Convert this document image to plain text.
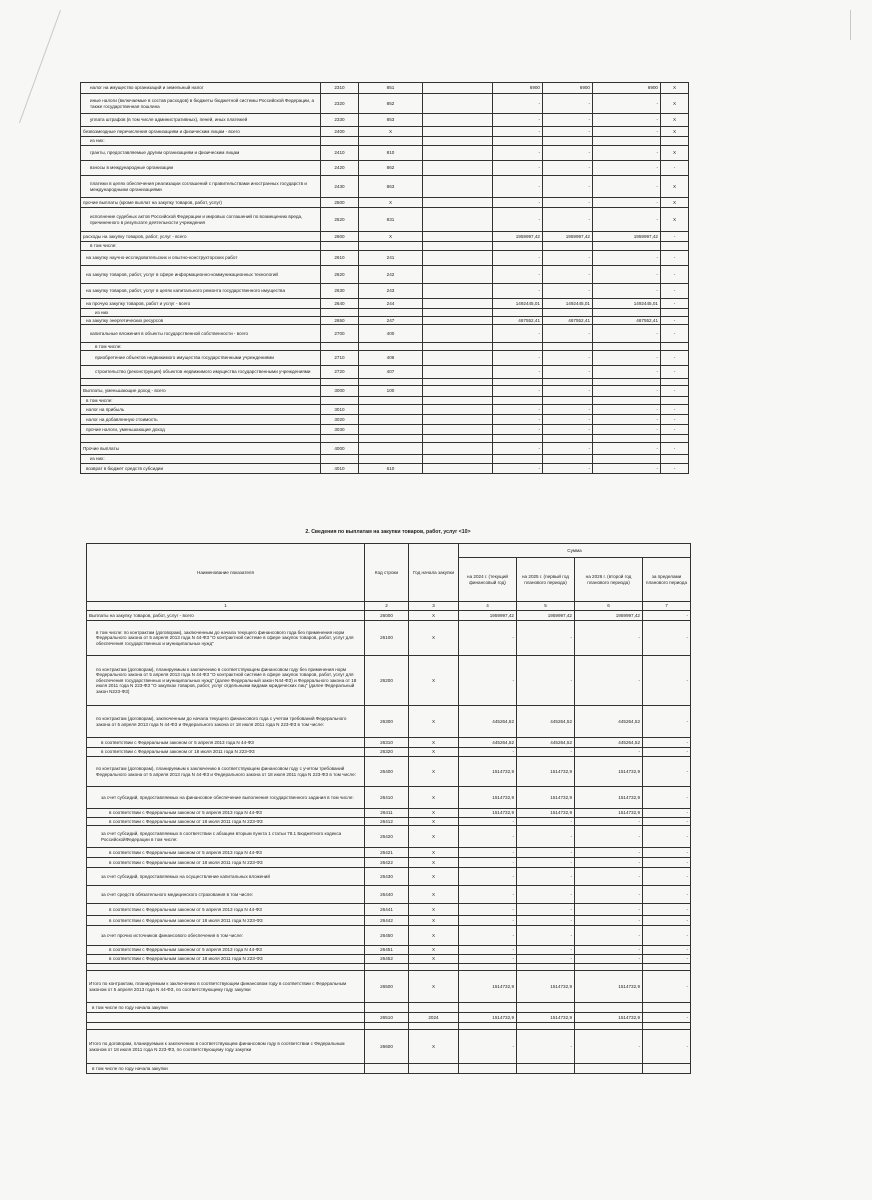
налог на имущество организаций и земельный налог	2310	851		6900	6900	6900	X
иные налоги (включаемые в состав расходов) в бюджеты бюджетной системы Российской Федерации, а также государственная пошлина	2320	852		-	-	-	X
уплата штрафов (в том числе административных), пеней, иных платежей	2330	853		-	-	-	X
безвозмездные перечисления организациям и физическим лицам - всего	2400	X		-	-	-	X
из них:							
гранты, предоставляемые другим организациям и физическим лицам	2410	810		-	-	-	X
взносы в международные организации	2420	862		-	-	-	-
платежи в целях обеспечения реализации соглашений с правительствами иностранных государств и международными организациями	2430	863		-	-	-	X
прочие выплаты (кроме выплат на закупку товаров, работ, услуг)	2500	X		-	-	-	X
исполнение судебных актов Российской Федерации и мировых соглашений по возмещению вреда, причиненного в результате деятельности учреждения	2520	831		-	-	-	X
расходы на закупку товаров, работ, услуг - всего	2600	X		1959997,42	1959997,42	1959997,42	-
в том числе:							
на закупку научно-исследовательских и опытно-конструкторских работ	2610	241		-	-	-	-
на закупку товаров, работ, услуг в сфере информационно-коммуникационных технологий	2620	242		-	-	-	-
на закупку товаров, работ, услуг в целях капитального ремонта государственного имущества	2630	243		-	-	-	-
на прочую закупку товаров, работ и услуг - всего	2640	244		1492445,01	1492445,01	1492445,01	-
из них							
на закупку энергетических ресурсов	2650	247		467552,41	467552,41	467552,41	-
капитальные вложения в объекты государственной собственности - всего	2700	400		-	-	-	-
в том числе:							
приобретение объектов недвижимого имущества государственными учреждениями	2710	406		-	-	-	-
строительство (реконструкция) объектов недвижимого имущества государственными учреждениями	2720	407		-	-	-	-

Выплаты, уменьшающие доход - всего	3000	100		-	-	-	-
в том числе:							
налог на прибыль	3010			-	-	-	-
налог на добавленную стоимость	3020			-	-	-	-
прочие налоги, уменьшающие доход	3030			-	-	-	-

Прочие выплаты	4000			-	-	-	-
из них:							
возврат в бюджет средств субсидии	4010	610		-	-	-	-
2. Сведения по выплатам на закупки товаров, работ, услуг <10>
Наименование показателя	Код строки	Год начала закупки	Сумма			
			на 2024 г. (текущий финансовый год)	на 2025 г. (первый год планового периода)	на 2026 г. (второй год планового периода)	за пределами планового периода
1	2	3	4	5	6	7
Выплаты на закупку товаров, работ, услуг - всего	26000	X	1959997,42	1959997,42	1959997,42	-
в том числе: по контрактам (договорам), заключенным до начала текущего финансового года без применения норм Федерального закона от 5 апреля 2013 года N 44-ФЗ "О контрактной системе в сфере закупок товаров, работ, услуг для обеспечения государственных и муниципальных нужд"	26100	X	-	-	-	-
по контрактам (договорам), планируемым к заключению в соответствующем финансовом году без применения норм Федерального закона от 5 апреля 2013 года N 44-ФЗ "О контрактной системе в сфере закупок товаров, работ, услуг для обеспечения государственных и муниципальных нужд" (далее Федеральный закон N44-ФЗ) и Федерального закона от 18 июля 2011 года N 223-ФЗ "О закупках товаров, работ, услуг отдельными видами юридических лиц" (далее Федеральный закон N223-ФЗ)	26200	X	-	-	-	-
по контрактам (договорам), заключенным до начала текущего финансового года с учетом требований Федерального закона от 5 апреля 2013 года N 44-ФЗ и Федерального закона от 18 июля 2011 года N 223-ФЗ в том числе:	26300	X	445264,52	445264,52	445264,52	-
в соответствии с Федеральным законом от 5 апреля 2013 года N 44-ФЗ	26310	X	445264,52	445264,52	445264,52	-
в соответствии с Федеральным законом от 18 июля 2011 года N 223-ФЗ	26320	X	-	-	-	-
по контрактам (договорам), планируемым к заключению в соответствующем финансовом году с учетом требований Федерального закона от 5 апреля 2013 года N 44-ФЗ и Федерального закона от 18 июля 2011 года N 223-ФЗ в том числе:	26400	X	1514732,9	1514732,9	1514732,9	-
за счет субсидий, предоставляемых на финансовое обеспечение выполнения государственного задания в том числе:	26410	X	1514732,9	1514732,9	1514732,9	-
в соответствии с Федеральным законом от 5 апреля 2013 года N 44-ФЗ	26411	X	1514732,9	1514732,9	1514732,9	-
в соответствии с Федеральным законом от 18 июля 2011 года N 223-ФЗ	26412	X	-	-	-	-
за счет субсидий, предоставляемых в соответствии с абзацем вторым пункта 1 статьи 78.1 Бюджетного кодекса РоссийскойФедерации в том числе:	26420	X	-	-	-	-
в соответствии с Федеральным законом от 5 апреля 2013 года N 44-ФЗ	26421	X	-	-	-	-
в соответствии с Федеральным законом от 18 июля 2011 года N 223-ФЗ	26422	X	-	-	-	-
за счет субсидий, предоставляемых на осуществление капитальных вложений	26430	X	-	-	-	-
за счет средств обязательного медицинского страхования в том числе:	26440	X	-	-	-	-
в соответствии с Федеральным законом от 5 апреля 2013 года N 44-ФЗ	26441	X	-	-	-	-
в соответствии с Федеральным законом от 18 июля 2011 года N 223-ФЗ	26442	X	-	-	-	-
за счет прочих источников финансового обеспечения в том числе:	26450	X	-	-	-	-
в соответствии с Федеральным законом от 5 апреля 2013 года N 44-ФЗ	26451	X	-	-	-	-
в соответствии с Федеральным законом от 18 июля 2011 года N 223-ФЗ	26452	X	-	-	-	-

Итого по контрактам, планируемым к заключению в соответствующем финансовом году в соответствии с Федеральным законом от 5 апреля 2013 года N 44-ФЗ, по соответствующему году закупки	26500	X	1514732,9	1514732,9	1514732,9	-
в том числе по году начала закупки						
	26510	2024	1514732,9	1514732,9	1514732,9	-

Итого по договорам, планируемым к заключению в соответствующем финансовом году в соответствии с Федеральным законом от 18 июля 2011 года N 223-ФЗ, по соответствующему году закупки	26600	X	-	-	-	-
в том числе по году начала закупки						
